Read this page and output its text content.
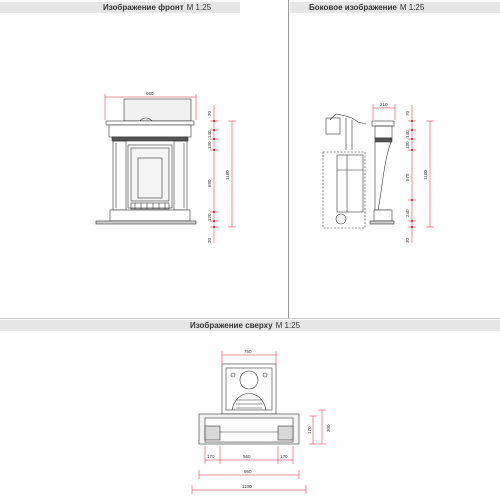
Изображение фронт M 1:25	Боковое изображение M 1:25
Изображение сверху M 1:25
960
70
140
130
690
120
30
1160
210
70
140
130
575
240
30
1160
760
170	560	170
960
1100
170	300
